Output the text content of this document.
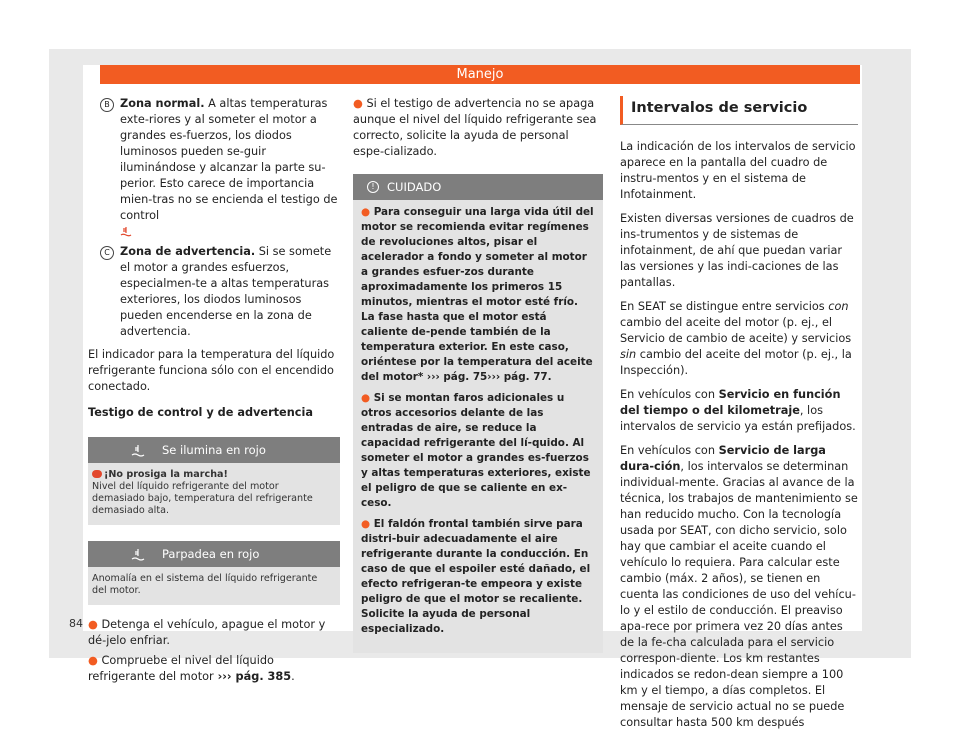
Manejo
B Zona normal. A altas temperaturas exte-riores y al someter el motor a grandes es-fuerzos, los diodos luminosos pueden se-guir iluminándose y alcanzar la parte su-perior. Esto carece de importancia mien-tras no se encienda el testigo de control
C Zona de advertencia. Si se somete el motor a grandes esfuerzos, especialmen-te a altas temperaturas exteriores, los diodos luminosos pueden encenderse en la zona de advertencia.

El indicador para la temperatura del líquido refrigerante funciona sólo con el encendido conectado.

Testigo de control y de advertencia
Se ilumina en rojo
¡No prosiga la marcha!
Nivel del líquido refrigerante del motor demasiado bajo, temperatura del refrigerante demasiado alta.
Parpadea en rojo
Anomalía en el sistema del líquido refrigerante del motor.
● Detenga el vehículo, apague el motor y dé-jelo enfriar.
● Compruebe el nivel del líquido refrigerante del motor ››› pág. 385.

● Si el testigo de advertencia no se apaga aunque el nivel del líquido refrigerante sea correcto, solicite la ayuda de personal espe-cializado.

!	CUIDADO

● Para conseguir una larga vida útil del motor se recomienda evitar regímenes de revoluciones altos, pisar el acelerador a fondo y someter al motor a grandes esfuer-zos durante aproximadamente los primeros 15 minutos, mientras el motor esté frío. La fase hasta que el motor está caliente de-pende también de la temperatura exterior. En este caso, oriéntese por la temperatura del aceite del motor* ››› pág. 75››› pág. 77.

● Si se montan faros adicionales u otros accesorios delante de las entradas de aire, se reduce la capacidad refrigerante del lí-quido. Al someter el motor a grandes es-fuerzos y altas temperaturas exteriores, existe el peligro de que se caliente en ex-ceso.

● El faldón frontal también sirve para distri-buir adecuadamente el aire refrigerante durante la conducción. En caso de que el espoiler esté dañado, el efecto refrigeran-te empeora y existe peligro de que el motor se recaliente. Solicite la ayuda de personal especializado.

Intervalos de servicio

La indicación de los intervalos de servicio aparece en la pantalla del cuadro de instru-mentos y en el sistema de Infotainment.

Existen diversas versiones de cuadros de ins-trumentos y de sistemas de infotainment, de ahí que puedan variar las versiones y las indi-caciones de las pantallas.

En SEAT se distingue entre servicios con cambio del aceite del motor (p. ej., el Servicio de cambio de aceite) y servicios sin cambio del aceite del motor (p. ej., la Inspección).

En vehículos con Servicio en función del tiempo o del kilometraje, los intervalos de servicio ya están prefijados.

En vehículos con Servicio de larga dura-ción, los intervalos se determinan individual-mente. Gracias al avance de la técnica, los trabajos de mantenimiento se han reducido mucho. Con la tecnología usada por SEAT, con dicho servicio, solo hay que cambiar el aceite cuando el vehículo lo requiera. Para calcular este cambio (máx. 2 años), se tienen en cuenta las condiciones de uso del vehícu-lo y el estilo de conducción. El preaviso apa-rece por primera vez 20 días antes de la fe-cha calculada para el servicio correspon-diente. Los km restantes indicados se redon-dean siempre a 100 km y el tiempo, a días completos. El mensaje de servicio actual no se puede consultar hasta 500 km después

84
